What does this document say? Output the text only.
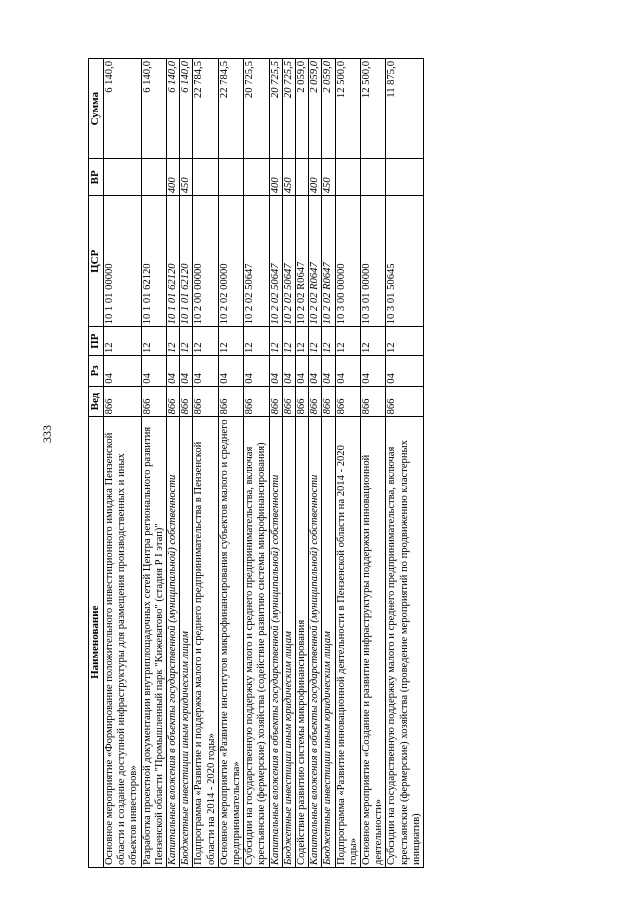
333
Наименование	Вед	Рз	ПР	ЦСР	ВР	Сумма
Основное мероприятие «Формирование положительного инвестиционного имиджа Пензенской области и создание доступной инфраструктуры для размещения производственных и иных объектов инвесторов»	866	04	12	10 1 01 00000		6 140,0
Разработка проектной документации внутриплощадочных сетей Центра регионального развития Пензенской области "Промышленный парк "Кижеватово" (стадия Р I этап)"	866	04	12	10 1 01 62120		6 140,0
Капитальные вложения в объекты государственной (муниципальной) собственности	866	04	12	10 1 01 62120	400	6 140,0
Бюджетные инвестиции иным юридическим лицам	866	04	12	10 1 01 62120	450	6 140,0
Подпрограмма «Развитие и поддержка малого и среднего предпринимательства в Пензенской области на 2014 - 2020 годы»	866	04	12	10 2 00 00000		22 784,5
Основное мероприятие «Развитие институтов микрофинансирования субъектов малого и среднего предпринимательства»	866	04	12	10 2 02 00000		22 784,5
Субсидии на государственную поддержку малого и среднего предпринимательства, включая крестьянские (фермерские) хозяйства (содействие развитию системы микрофинансирования)	866	04	12	10 2 02 50647		20 725,5
Капитальные вложения в объекты государственной (муниципальной) собственности	866	04	12	10 2 02 50647	400	20 725,5
Бюджетные инвестиции иным юридическим лицам	866	04	12	10 2 02 50647	450	20 725,5
Содействие развитию системы микрофинансирования	866	04	12	10 2 02 R0647		2 059,0
Капитальные вложения в объекты государственной (муниципальной) собственности	866	04	12	10 2 02 R0647	400	2 059,0
Бюджетные инвестиции иным юридическим лицам	866	04	12	10 2 02 R0647	450	2 059,0
Подпрограмма «Развитие инновационной деятельности в Пензенской области на 2014 - 2020 годы»	866	04	12	10 3 00 00000		12 500,0
Основное мероприятие «Создание и развитие инфраструктуры поддержки инновационной деятельности»	866	04	12	10 3 01 00000		12 500,0
Субсидии на государственную поддержку малого и среднего предпринимательства, включая крестьянские (фермерские) хозяйства (проведение мероприятий по продвижению кластерных инициатив)	866	04	12	10 3 01 50645		11 875,0
